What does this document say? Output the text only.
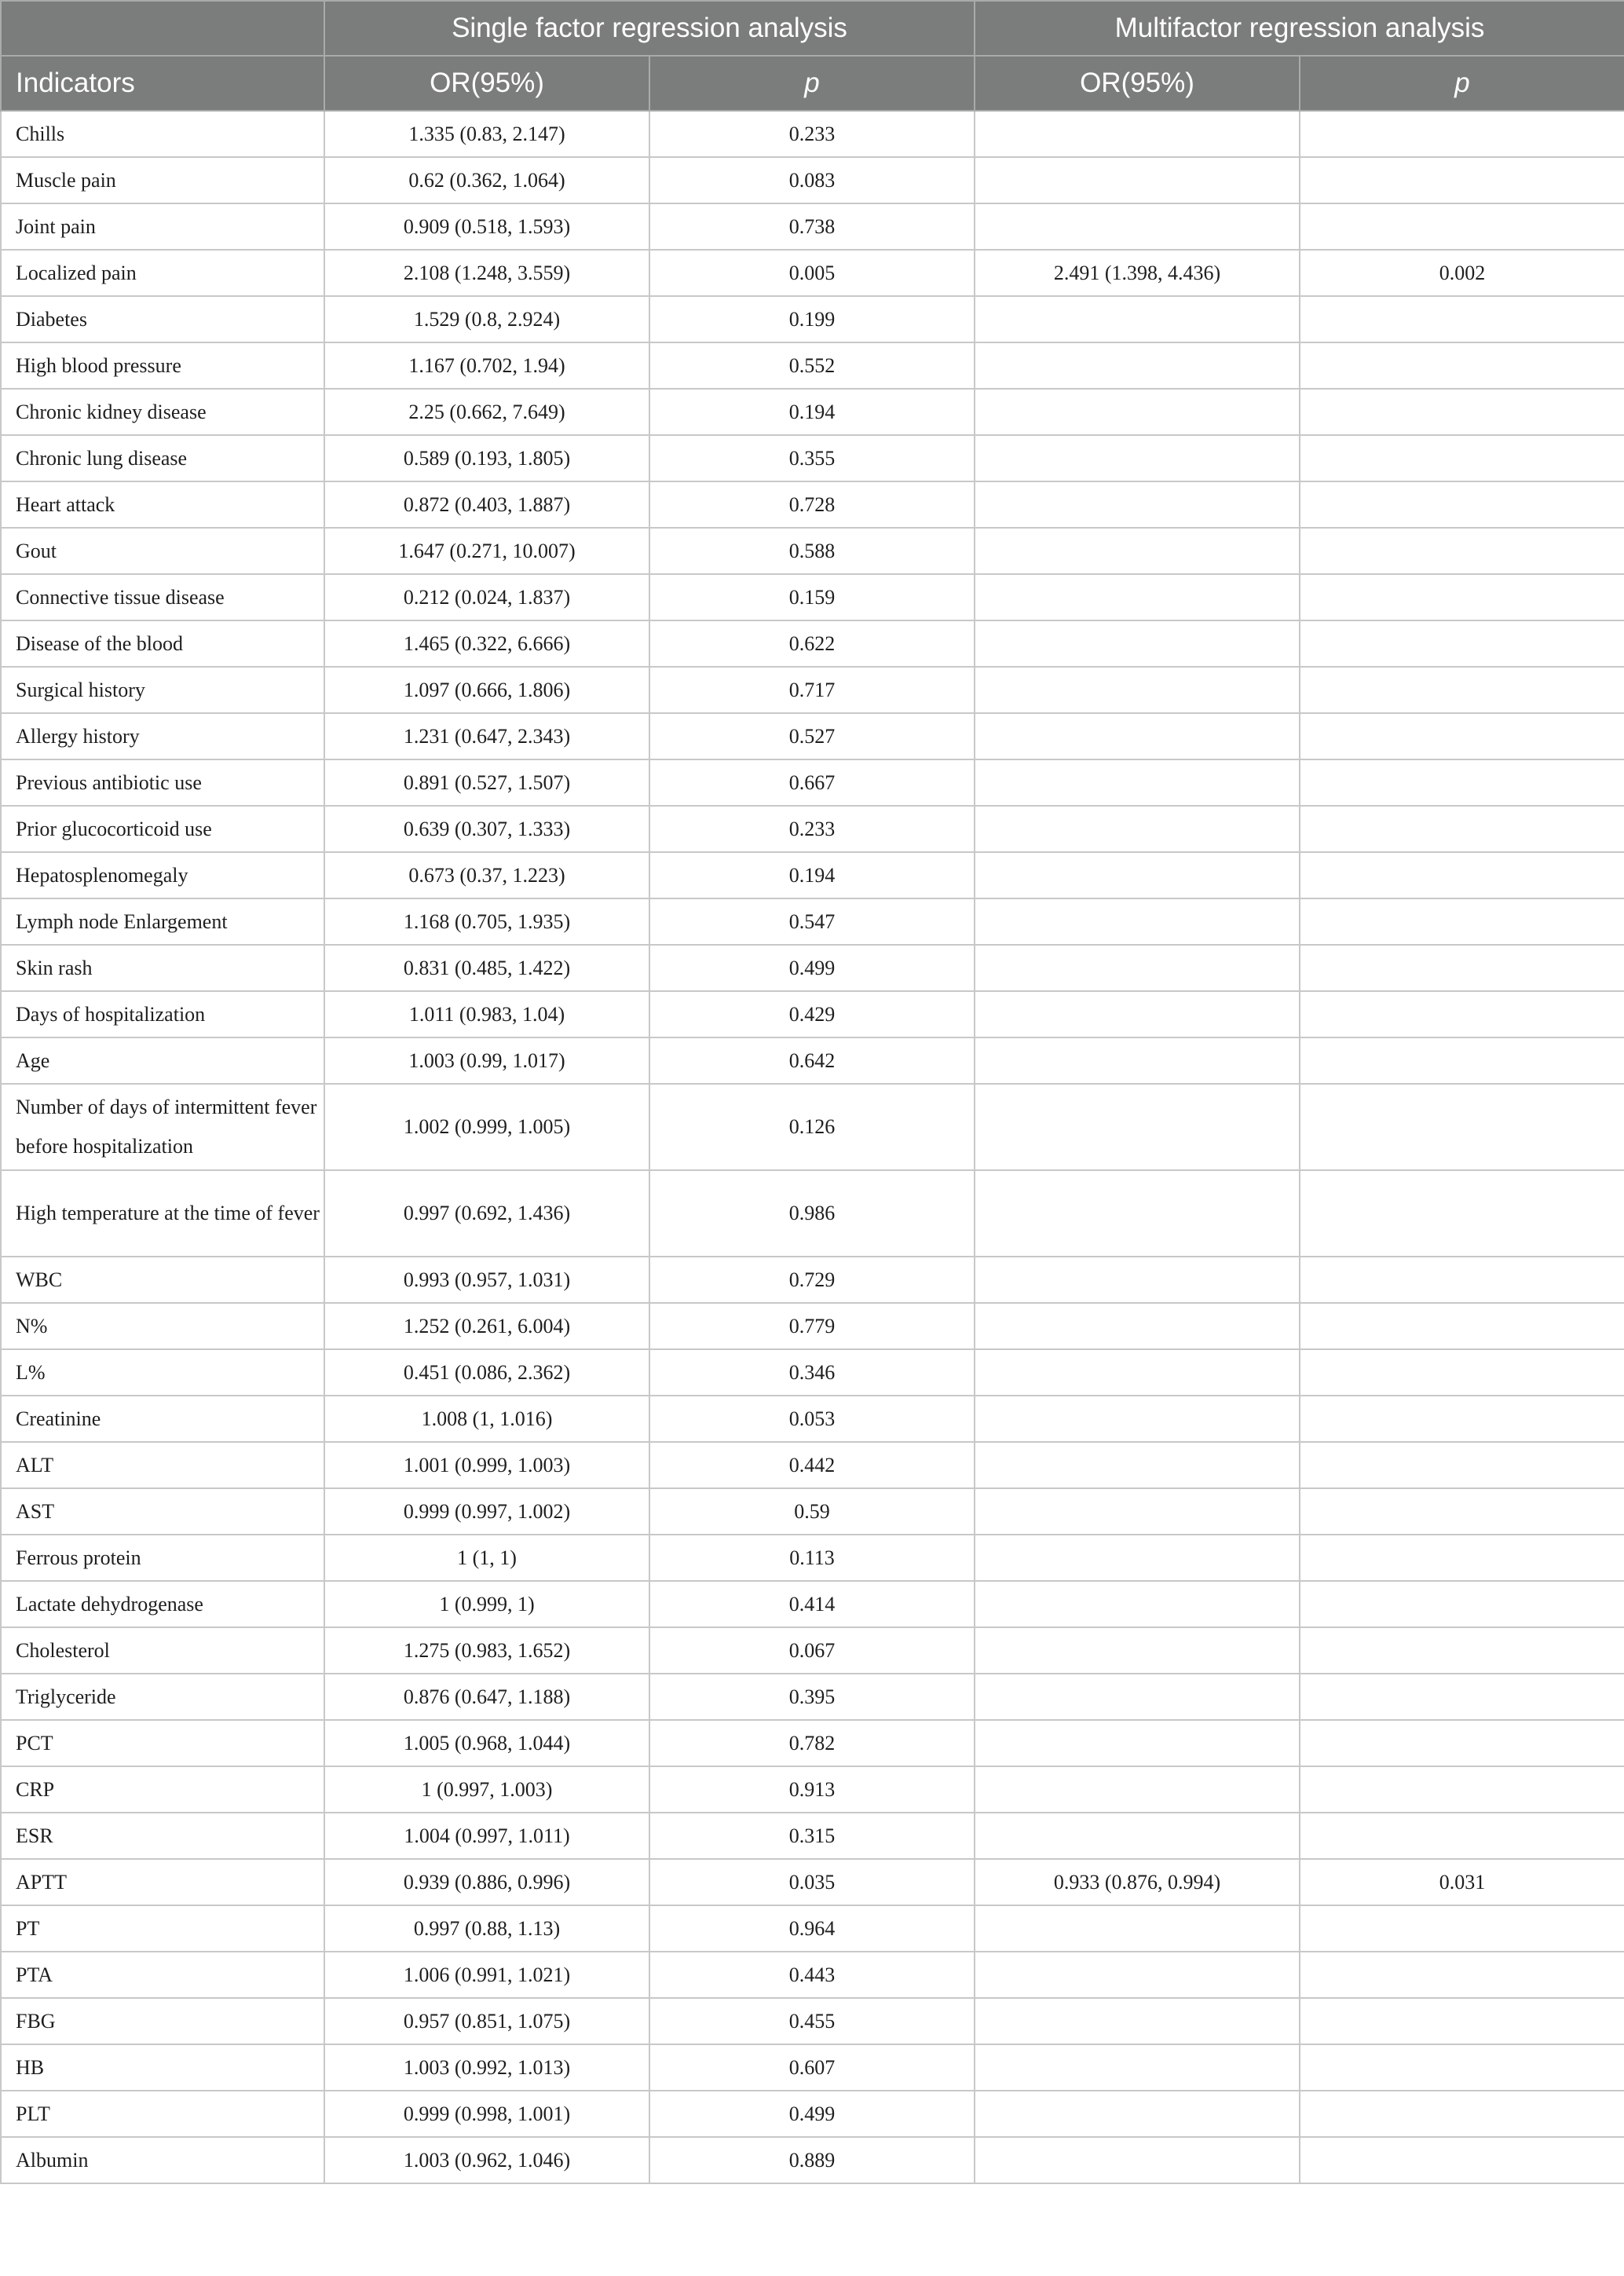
	Single factor regression analysis		Multifactor regression analysis	
Indicators	OR(95%)	p	OR(95%)	p
Chills	1.335 (0.83, 2.147)	0.233		
Muscle pain	0.62 (0.362, 1.064)	0.083		
Joint pain	0.909 (0.518, 1.593)	0.738		
Localized pain	2.108 (1.248, 3.559)	0.005	2.491 (1.398, 4.436)	0.002
Diabetes	1.529 (0.8, 2.924)	0.199		
High blood pressure	1.167 (0.702, 1.94)	0.552		
Chronic kidney disease	2.25 (0.662, 7.649)	0.194		
Chronic lung disease	0.589 (0.193, 1.805)	0.355		
Heart attack	0.872 (0.403, 1.887)	0.728		
Gout	1.647 (0.271, 10.007)	0.588		
Connective tissue disease	0.212 (0.024, 1.837)	0.159		
Disease of the blood	1.465 (0.322, 6.666)	0.622		
Surgical history	1.097 (0.666, 1.806)	0.717		
Allergy history	1.231 (0.647, 2.343)	0.527		
Previous antibiotic use	0.891 (0.527, 1.507)	0.667		
Prior glucocorticoid use	0.639 (0.307, 1.333)	0.233		
Hepatosplenomegaly	0.673 (0.37, 1.223)	0.194		
Lymph node Enlargement	1.168 (0.705, 1.935)	0.547		
Skin rash	0.831 (0.485, 1.422)	0.499		
Days of hospitalization	1.011 (0.983, 1.04)	0.429		
Age	1.003 (0.99, 1.017)	0.642		
Number of days of intermittent fever before hospitalization	1.002 (0.999, 1.005)	0.126		
High temperature at the time of fever	0.997 (0.692, 1.436)	0.986		
WBC	0.993 (0.957, 1.031)	0.729		
N%	1.252 (0.261, 6.004)	0.779		
L%	0.451 (0.086, 2.362)	0.346		
Creatinine	1.008 (1, 1.016)	0.053		
ALT	1.001 (0.999, 1.003)	0.442		
AST	0.999 (0.997, 1.002)	0.59		
Ferrous protein	1 (1, 1)	0.113		
Lactate dehydrogenase	1 (0.999, 1)	0.414		
Cholesterol	1.275 (0.983, 1.652)	0.067		
Triglyceride	0.876 (0.647, 1.188)	0.395		
PCT	1.005 (0.968, 1.044)	0.782		
CRP	1 (0.997, 1.003)	0.913		
ESR	1.004 (0.997, 1.011)	0.315		
APTT	0.939 (0.886, 0.996)	0.035	0.933 (0.876, 0.994)	0.031
PT	0.997 (0.88, 1.13)	0.964		
PTA	1.006 (0.991, 1.021)	0.443		
FBG	0.957 (0.851, 1.075)	0.455		
HB	1.003 (0.992, 1.013)	0.607		
PLT	0.999 (0.998, 1.001)	0.499		
Albumin	1.003 (0.962, 1.046)	0.889		
